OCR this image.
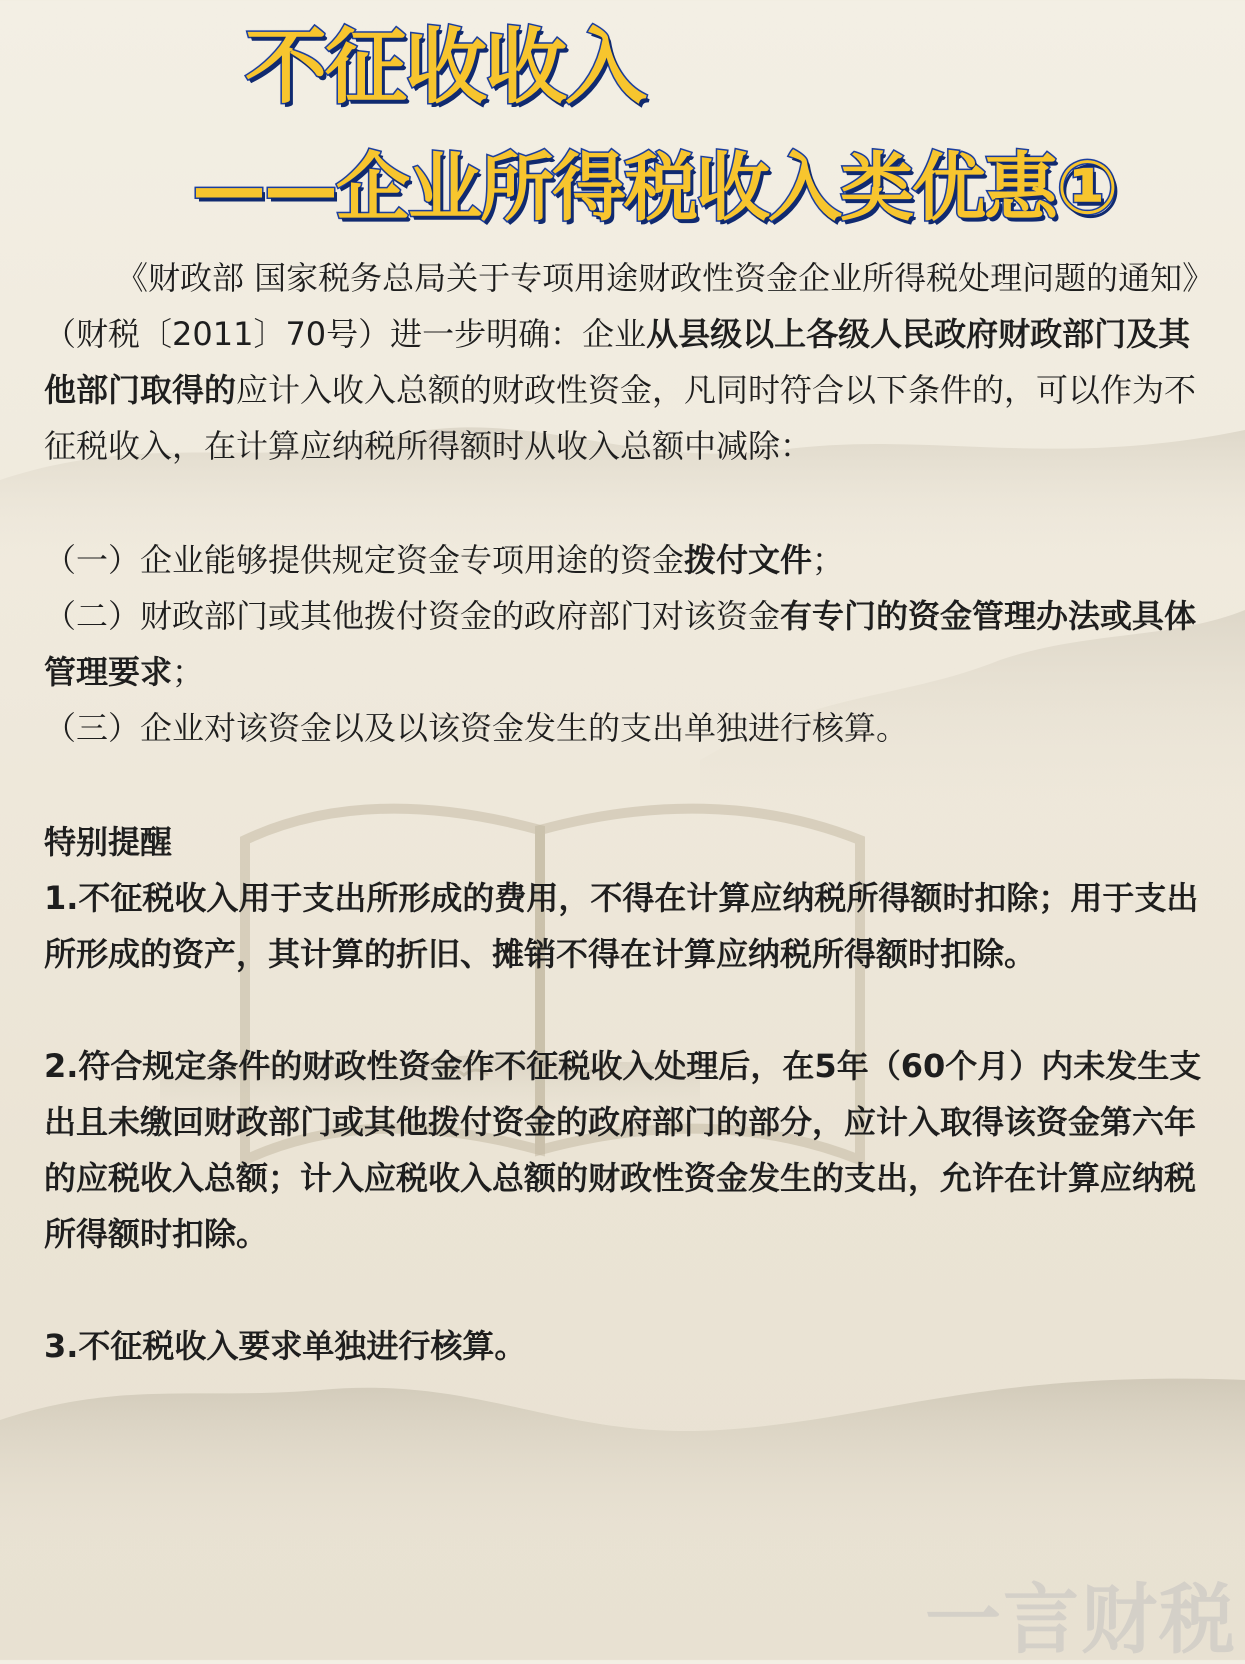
不征收收入
——企业所得税收入类优惠①

《财政部 国家税务总局关于专项用途财政性资金企业所得税处理问题的通知》（财税〔2011〕70号）进一步明确：企业从县级以上各级人民政府财政部门及其他部门取得的应计入收入总额的财政性资金，凡同时符合以下条件的，可以作为不征税收入，在计算应纳税所得额时从收入总额中减除：

（一）企业能够提供规定资金专项用途的资金拨付文件；

（二）财政部门或其他拨付资金的政府部门对该资金有专门的资金管理办法或具体管理要求；

（三）企业对该资金以及以该资金发生的支出单独进行核算。

特别提醒

1.不征税收入用于支出所形成的费用，不得在计算应纳税所得额时扣除；用于支出所形成的资产，其计算的折旧、摊销不得在计算应纳税所得额时扣除。

2.符合规定条件的财政性资金作不征税收入处理后，在5年（60个月）内未发生支出且未缴回财政部门或其他拨付资金的政府部门的部分，应计入取得该资金第六年的应税收入总额；计入应税收入总额的财政性资金发生的支出，允许在计算应纳税所得额时扣除。

3.不征税收入要求单独进行核算。

一言财税
